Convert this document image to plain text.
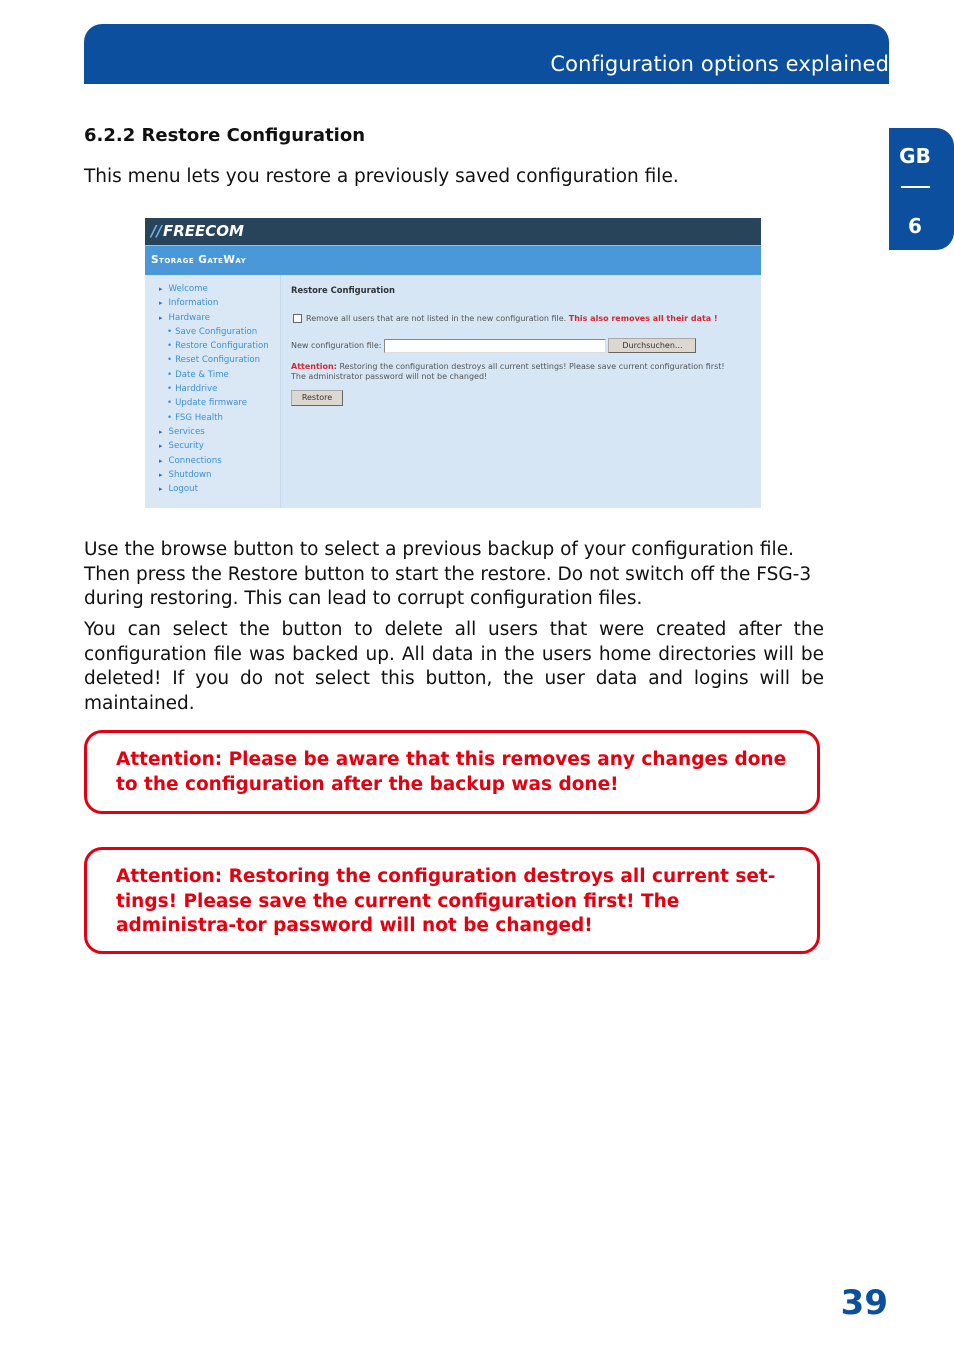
Configuration options explained
GB
6
6.2.2 Restore Configuration
This menu lets you restore a previously saved configuration file.
//FREECOM
Storage GateWay
▸ Welcome
▸ Information
▸ Hardware
• Save Configuration
• Restore Configuration
• Reset Configuration
• Date & Time
• Harddrive
• Update firmware
• FSG Health
▸ Services
▸ Security
▸ Connections
▸ Shutdown
▸ Logout
Restore Configuration
Remove all users that are not listed in the new configuration file. This also removes all their data !
New configuration file:	Durchsuchen...
Attention: Restoring the configuration destroys all current settings! Please save current configuration first!
The administrator password will not be changed!
Restore
Use the browse button to select a previous backup of your configuration file. Then press the Restore button to start the restore. Do not switch off the FSG-3 during restoring. This can lead to corrupt configuration files.
You can select the button to delete all users that were created after the configuration file was backed up. All data in the users home directories will be deleted! If you do not select this button, the user data and logins will be maintained.
Attention: Please be aware that this removes any changes done to the configuration after the backup was done!
Attention: Restoring the configuration destroys all current set-tings! Please save the current configuration first! The administra-tor password will not be changed!
39
